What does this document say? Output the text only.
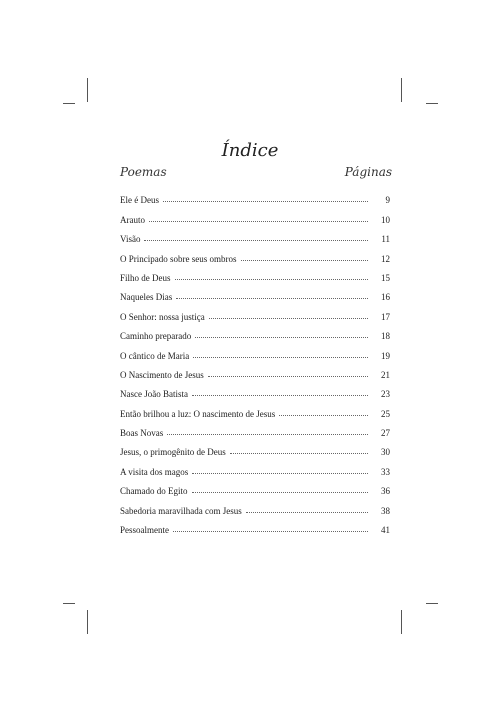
Índice
Poemas	Páginas
Ele é Deus	9
Arauto	10
Visão	11
O Principado sobre seus ombros	12
Filho de Deus	15
Naqueles Dias	16
O Senhor: nossa justiça	17
Caminho preparado	18
O cântico de Maria	19
O Nascimento de Jesus	21
Nasce João Batista	23
Então brilhou a luz: O nascimento de Jesus	25
Boas Novas	27
Jesus, o primogênito de Deus	30
A visita dos magos	33
Chamado do Egito	36
Sabedoria maravilhada com Jesus	38
Pessoalmente	41
